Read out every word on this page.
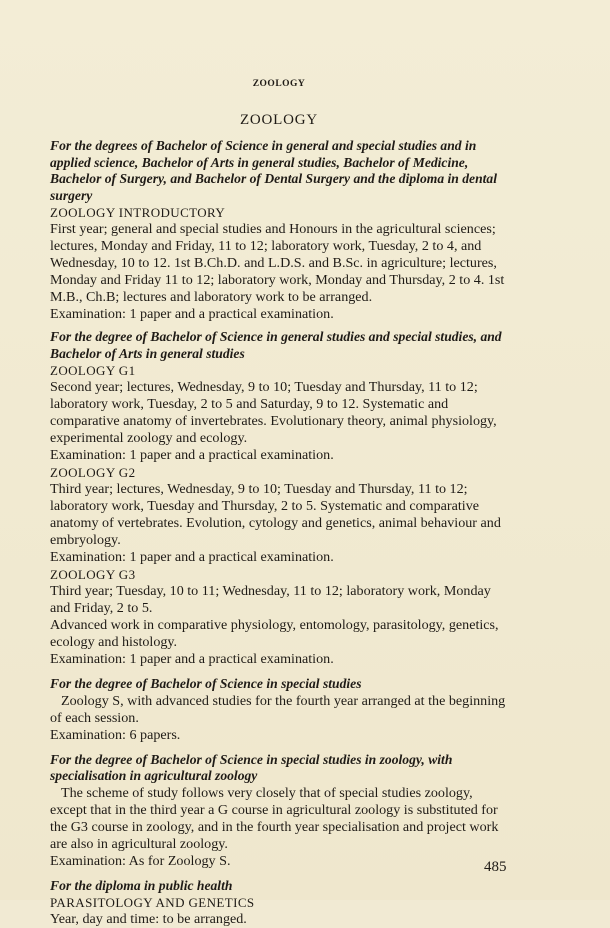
ZOOLOGY
ZOOLOGY

For the degrees of Bachelor of Science in general and special studies and in applied science, Bachelor of Arts in general studies, Bachelor of Medicine, Bachelor of Surgery, and Bachelor of Dental Surgery and the diploma in dental surgery

ZOOLOGY INTRODUCTORY

First year; general and special studies and Honours in the agricultural sciences; lectures, Monday and Friday, 11 to 12; laboratory work, Tuesday, 2 to 4, and Wednesday, 10 to 12. 1st B.Ch.D. and L.D.S. and B.Sc. in agriculture; lectures, Monday and Friday 11 to 12; laboratory work, Monday and Thursday, 2 to 4. 1st M.B., Ch.B; lectures and laboratory work to be arranged.

Examination: 1 paper and a practical examination.

For the degree of Bachelor of Science in general studies and special studies, and Bachelor of Arts in general studies

ZOOLOGY G1

Second year; lectures, Wednesday, 9 to 10; Tuesday and Thursday, 11 to 12; laboratory work, Tuesday, 2 to 5 and Saturday, 9 to 12. Systematic and comparative anatomy of invertebrates. Evolutionary theory, animal physiology, experimental zoology and ecology.

Examination: 1 paper and a practical examination.

ZOOLOGY G2

Third year; lectures, Wednesday, 9 to 10; Tuesday and Thursday, 11 to 12; laboratory work, Tuesday and Thursday, 2 to 5. Systematic and comparative anatomy of vertebrates. Evolution, cytology and genetics, animal behaviour and embryology.

Examination: 1 paper and a practical examination.

ZOOLOGY G3

Third year; Tuesday, 10 to 11; Wednesday, 11 to 12; laboratory work, Monday and Friday, 2 to 5.

Advanced work in comparative physiology, entomology, parasitology, genetics, ecology and histology.

Examination: 1 paper and a practical examination.

For the degree of Bachelor of Science in special studies

Zoology S, with advanced studies for the fourth year arranged at the beginning of each session.

Examination: 6 papers.

For the degree of Bachelor of Science in special studies in zoology, with specialisation in agricultural zoology

The scheme of study follows very closely that of special studies zoology, except that in the third year a G course in agricultural zoology is substituted for the G3 course in zoology, and in the fourth year specialisation and project work are also in agricultural zoology.

Examination: As for Zoology S.

For the diploma in public health

PARASITOLOGY AND GENETICS

Year, day and time: to be arranged.

485
